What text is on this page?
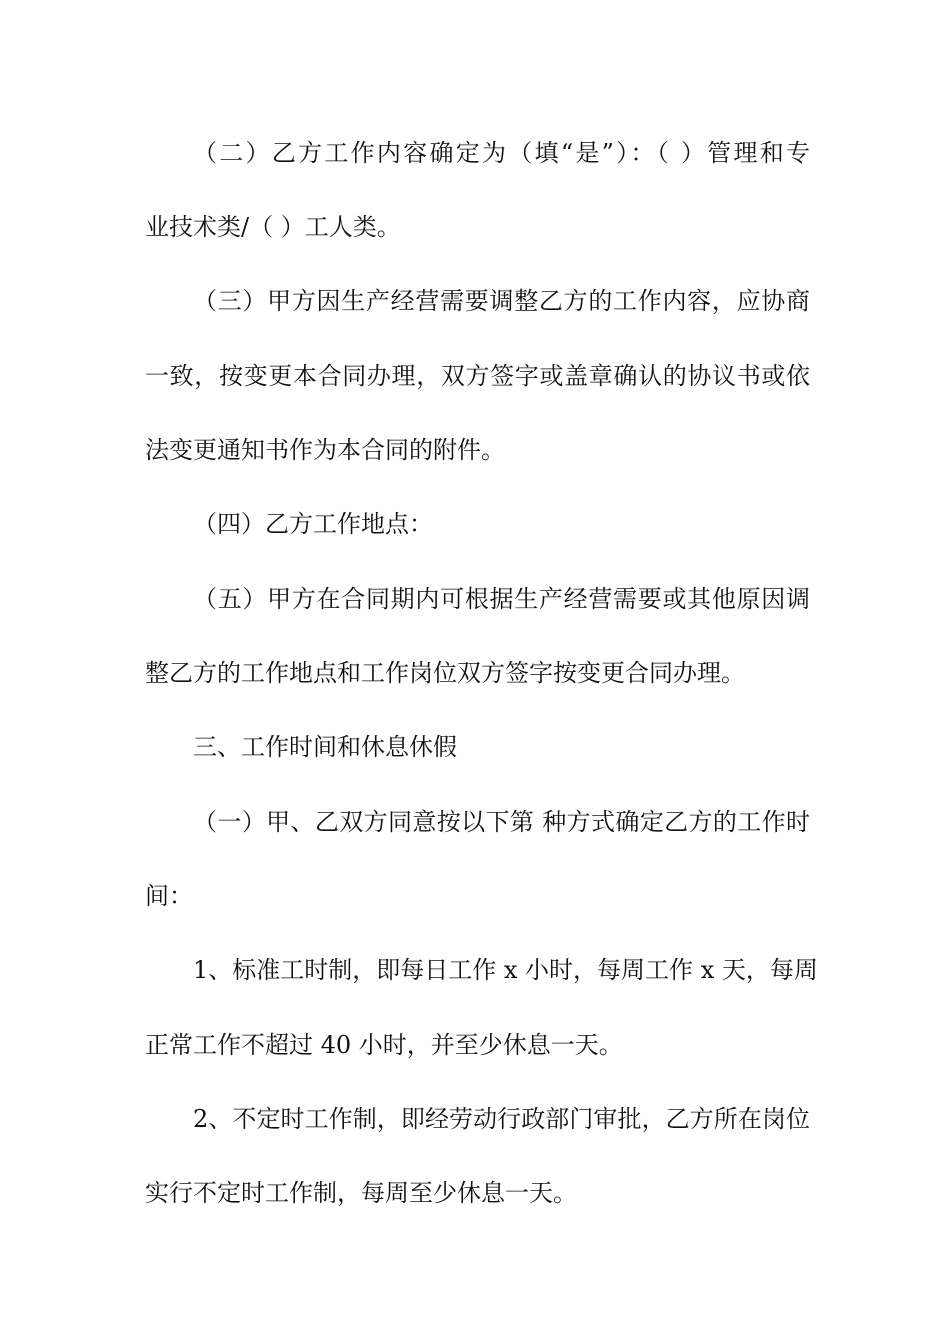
（二）乙方工作内容确定为（填“是”）：（ ）管理和专
业技术类/（ ）工人类。
（三）甲方因生产经营需要调整乙方的工作内容，应协商
一致，按变更本合同办理，双方签字或盖章确认的协议书或依
法变更通知书作为本合同的附件。
（四）乙方工作地点：
（五）甲方在合同期内可根据生产经营需要或其他原因调
整乙方的工作地点和工作岗位双方签字按变更合同办理。
三、工作时间和休息休假
（一）甲、乙双方同意按以下第 种方式确定乙方的工作时
间：
1、标准工时制，即每日工作 x 小时，每周工作 x 天，每周
正常工作不超过 40 小时，并至少休息一天。
2、不定时工作制，即经劳动行政部门审批，乙方所在岗位
实行不定时工作制，每周至少休息一天。
